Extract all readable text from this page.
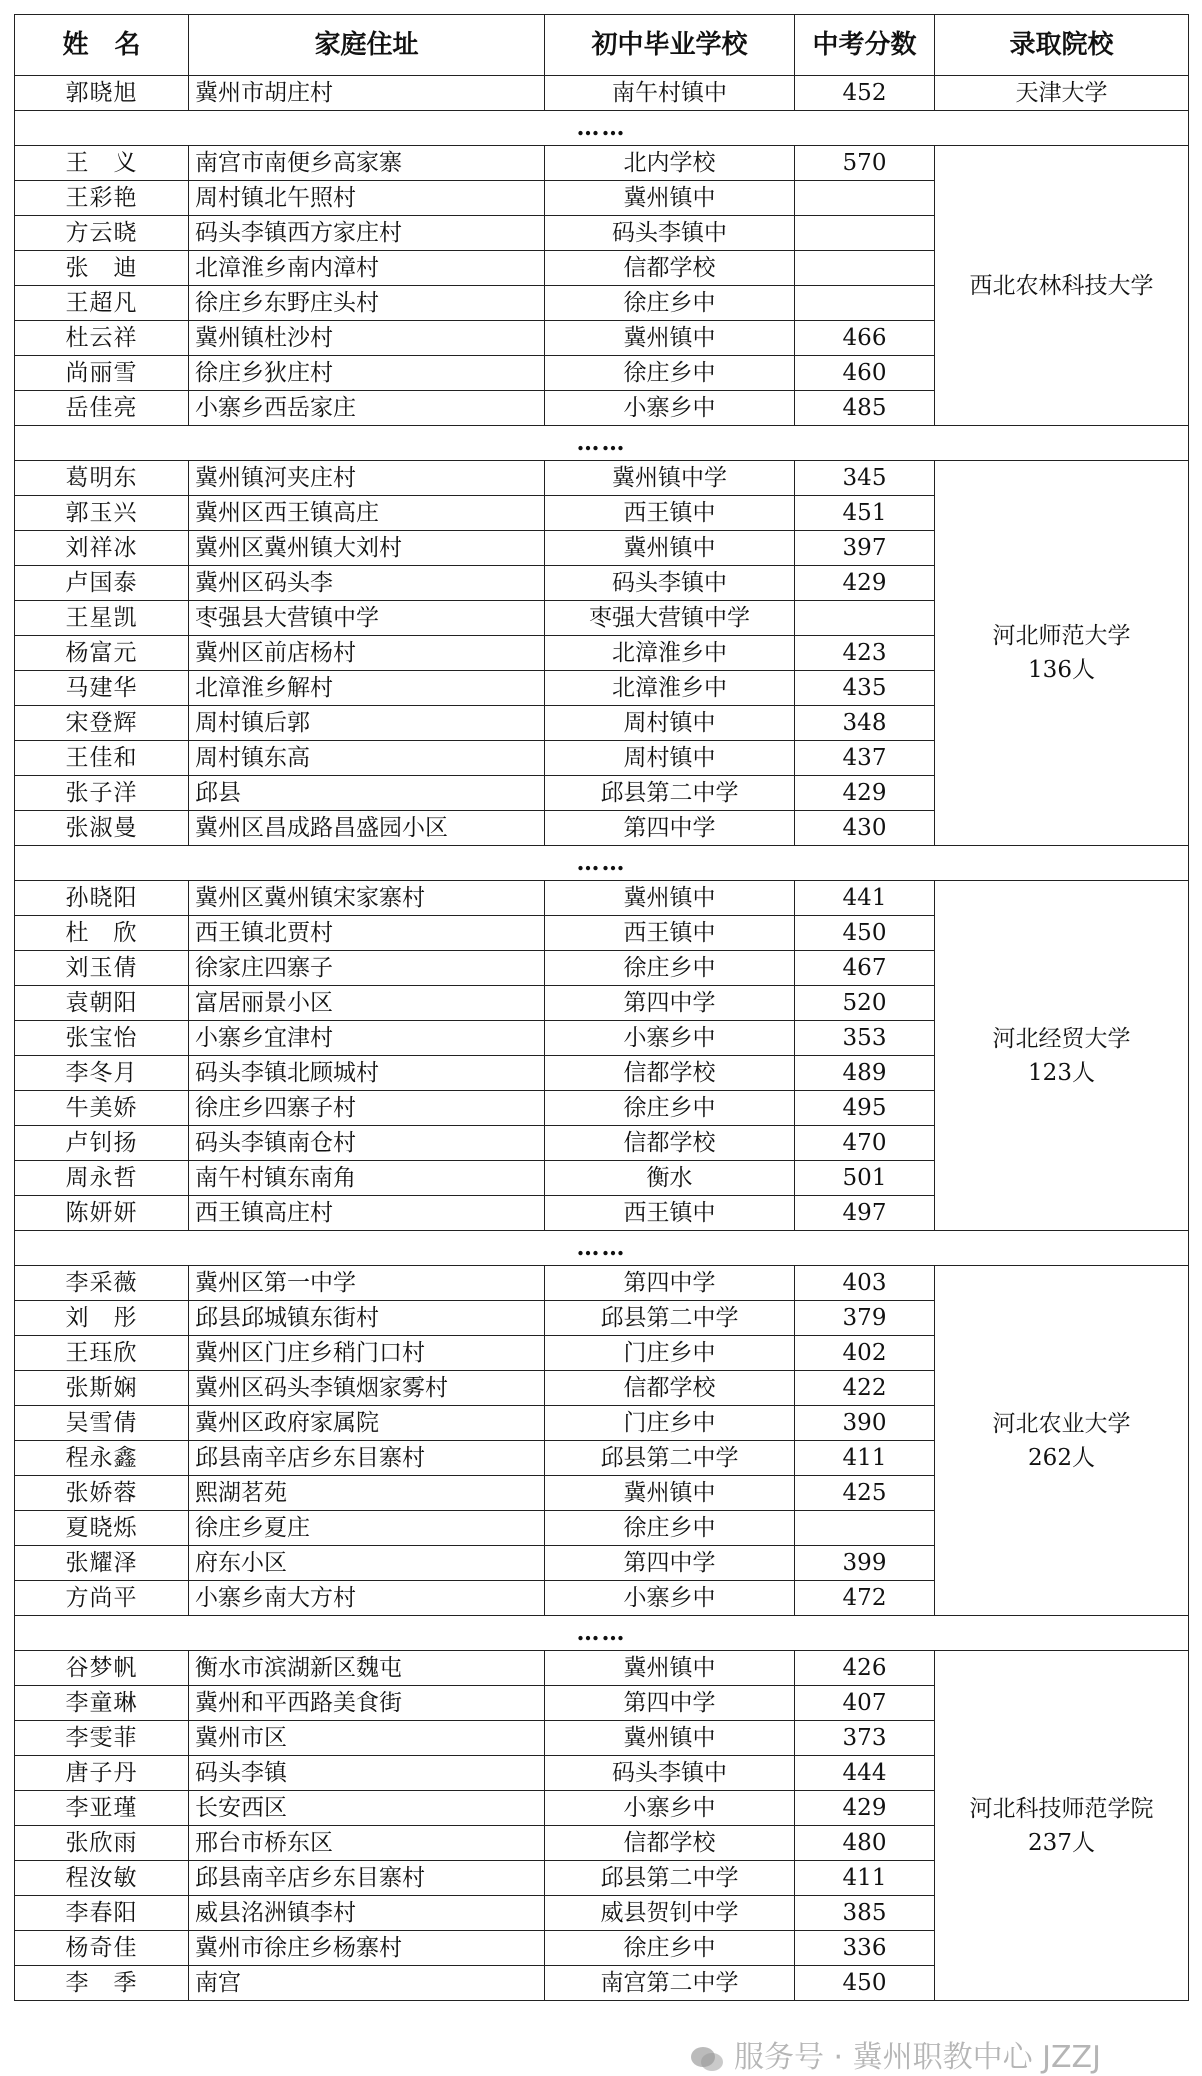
姓　名	家庭住址	初中毕业学校	中考分数	录取院校
郭晓旭	冀州市胡庄村	南午村镇中	452	天津大学

……				
王　义	南宫市南便乡高家寨	北内学校	570	西北农林科技大学

王彩艳	周村镇北午照村	冀州镇中		
方云晓	码头李镇西方家庄村	码头李镇中		
张　迪	北漳淮乡南内漳村	信都学校		
王超凡	徐庄乡东野庄头村	徐庄乡中		
杜云祥	冀州镇杜沙村	冀州镇中	466	
尚丽雪	徐庄乡狄庄村	徐庄乡中	460	
岳佳亮	小寨乡西岳家庄	小寨乡中	485	
……				
葛明东	冀州镇河夹庄村	冀州镇中学	345	河北师范大学
136人

郭玉兴	冀州区西王镇高庄	西王镇中	451	
刘祥冰	冀州区冀州镇大刘村	冀州镇中	397	
卢国泰	冀州区码头李	码头李镇中	429	
王星凯	枣强县大营镇中学	枣强大营镇中学		
杨富元	冀州区前店杨村	北漳淮乡中	423	
马建华	北漳淮乡解村	北漳淮乡中	435	
宋登辉	周村镇后郭	周村镇中	348	
王佳和	周村镇东高	周村镇中	437	
张子洋	邱县	邱县第二中学	429	
张淑曼	冀州区昌成路昌盛园小区	第四中学	430	
……				
孙晓阳	冀州区冀州镇宋家寨村	冀州镇中	441	河北经贸大学
123人

杜　欣	西王镇北贾村	西王镇中	450	
刘玉倩	徐家庄四寨子	徐庄乡中	467	
袁朝阳	富居丽景小区	第四中学	520	
张宝怡	小寨乡宜津村	小寨乡中	353	
李冬月	码头李镇北顾城村	信都学校	489	
牛美娇	徐庄乡四寨子村	徐庄乡中	495	
卢钊扬	码头李镇南仓村	信都学校	470	
周永哲	南午村镇东南角	衡水	501	
陈妍妍	西王镇高庄村	西王镇中	497	
……				
李采薇	冀州区第一中学	第四中学	403	河北农业大学
262人

刘　彤	邱县邱城镇东街村	邱县第二中学	379	
王珏欣	冀州区门庄乡稍门口村	门庄乡中	402	
张斯娴	冀州区码头李镇烟家雾村	信都学校	422	
吴雪倩	冀州区政府家属院	门庄乡中	390	
程永鑫	邱县南辛店乡东目寨村	邱县第二中学	411	
张娇蓉	熙湖茗苑	冀州镇中	425	
夏晓烁	徐庄乡夏庄	徐庄乡中		
张耀泽	府东小区	第四中学	399	
方尚平	小寨乡南大方村	小寨乡中	472	
……				
谷梦帆	衡水市滨湖新区魏屯	冀州镇中	426	河北科技师范学院
237人

李童琳	冀州和平西路美食街	第四中学	407	
李雯菲	冀州市区	冀州镇中	373	
唐子丹	码头李镇	码头李镇中	444	
李亚瑾	长安西区	小寨乡中	429	
张欣雨	邢台市桥东区	信都学校	480	
程汝敏	邱县南辛店乡东目寨村	邱县第二中学	411	
李春阳	威县洺洲镇李村	威县贺钊中学	385	
杨奇佳	冀州市徐庄乡杨寨村	徐庄乡中	336	
李　季	南宫	南宫第二中学	450	
服务号 · 冀州职教中心 JZZJ
